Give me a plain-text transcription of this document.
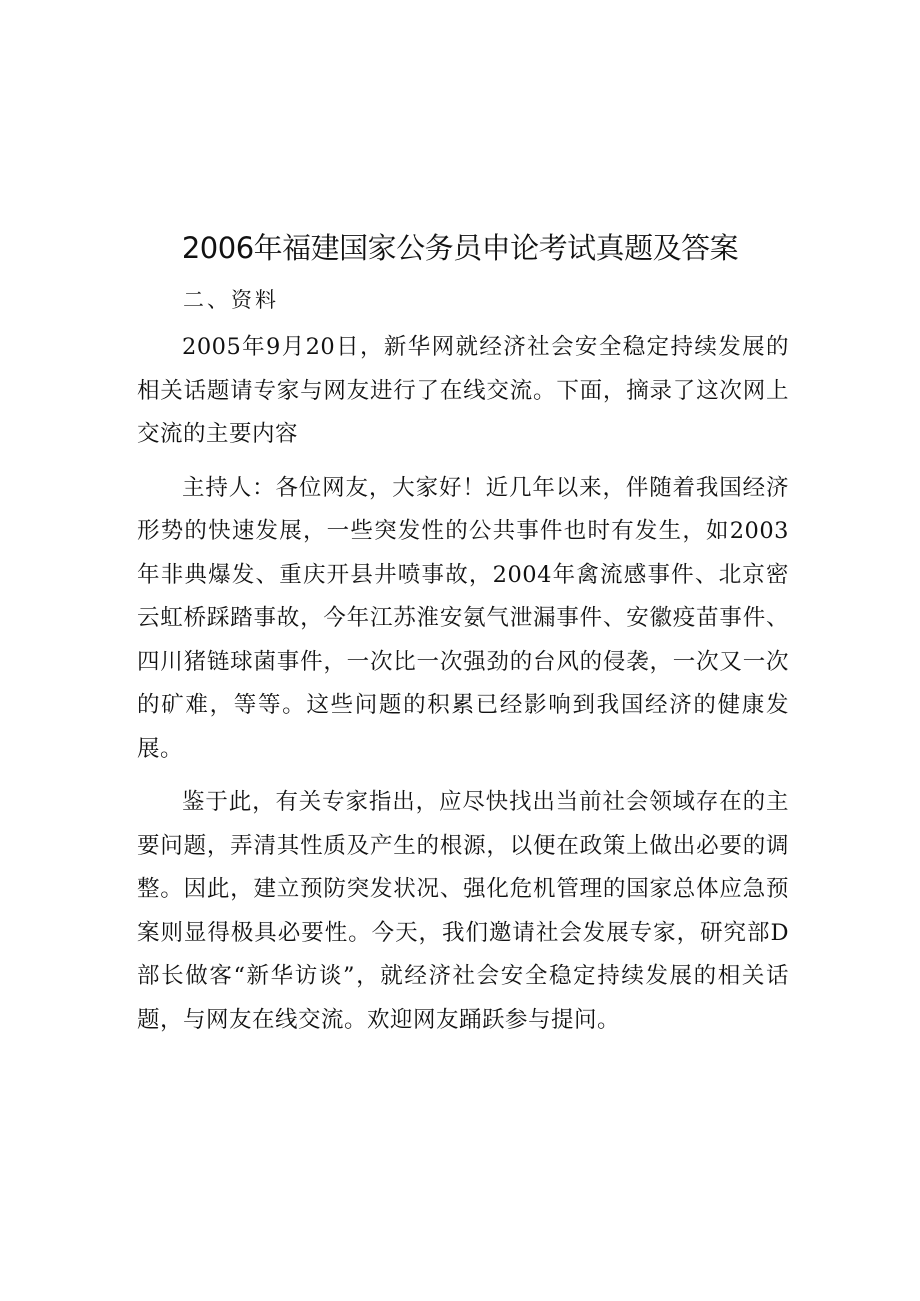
2006年福建国家公务员申论考试真题及答案
二、资料

2005年9月20日，新华网就经济社会安全稳定持续发展的相关话题请专家与网友进行了在线交流。下面，摘录了这次网上交流的主要内容

主持人：各位网友，大家好！近几年以来，伴随着我国经济形势的快速发展，一些突发性的公共事件也时有发生，如2003年非典爆发、重庆开县井喷事故，2004年禽流感事件、北京密云虹桥踩踏事故，今年江苏淮安氨气泄漏事件、安徽疫苗事件、四川猪链球菌事件，一次比一次强劲的台风的侵袭，一次又一次的矿难，等等。这些问题的积累已经影响到我国经济的健康发展。

鉴于此，有关专家指出，应尽快找出当前社会领域存在的主要问题，弄清其性质及产生的根源，以便在政策上做出必要的调整。因此，建立预防突发状况、强化危机管理的国家总体应急预案则显得极具必要性。今天，我们邀请社会发展专家，研究部D部长做客“新华访谈”，就经济社会安全稳定持续发展的相关话题，与网友在线交流。欢迎网友踊跃参与提问。
